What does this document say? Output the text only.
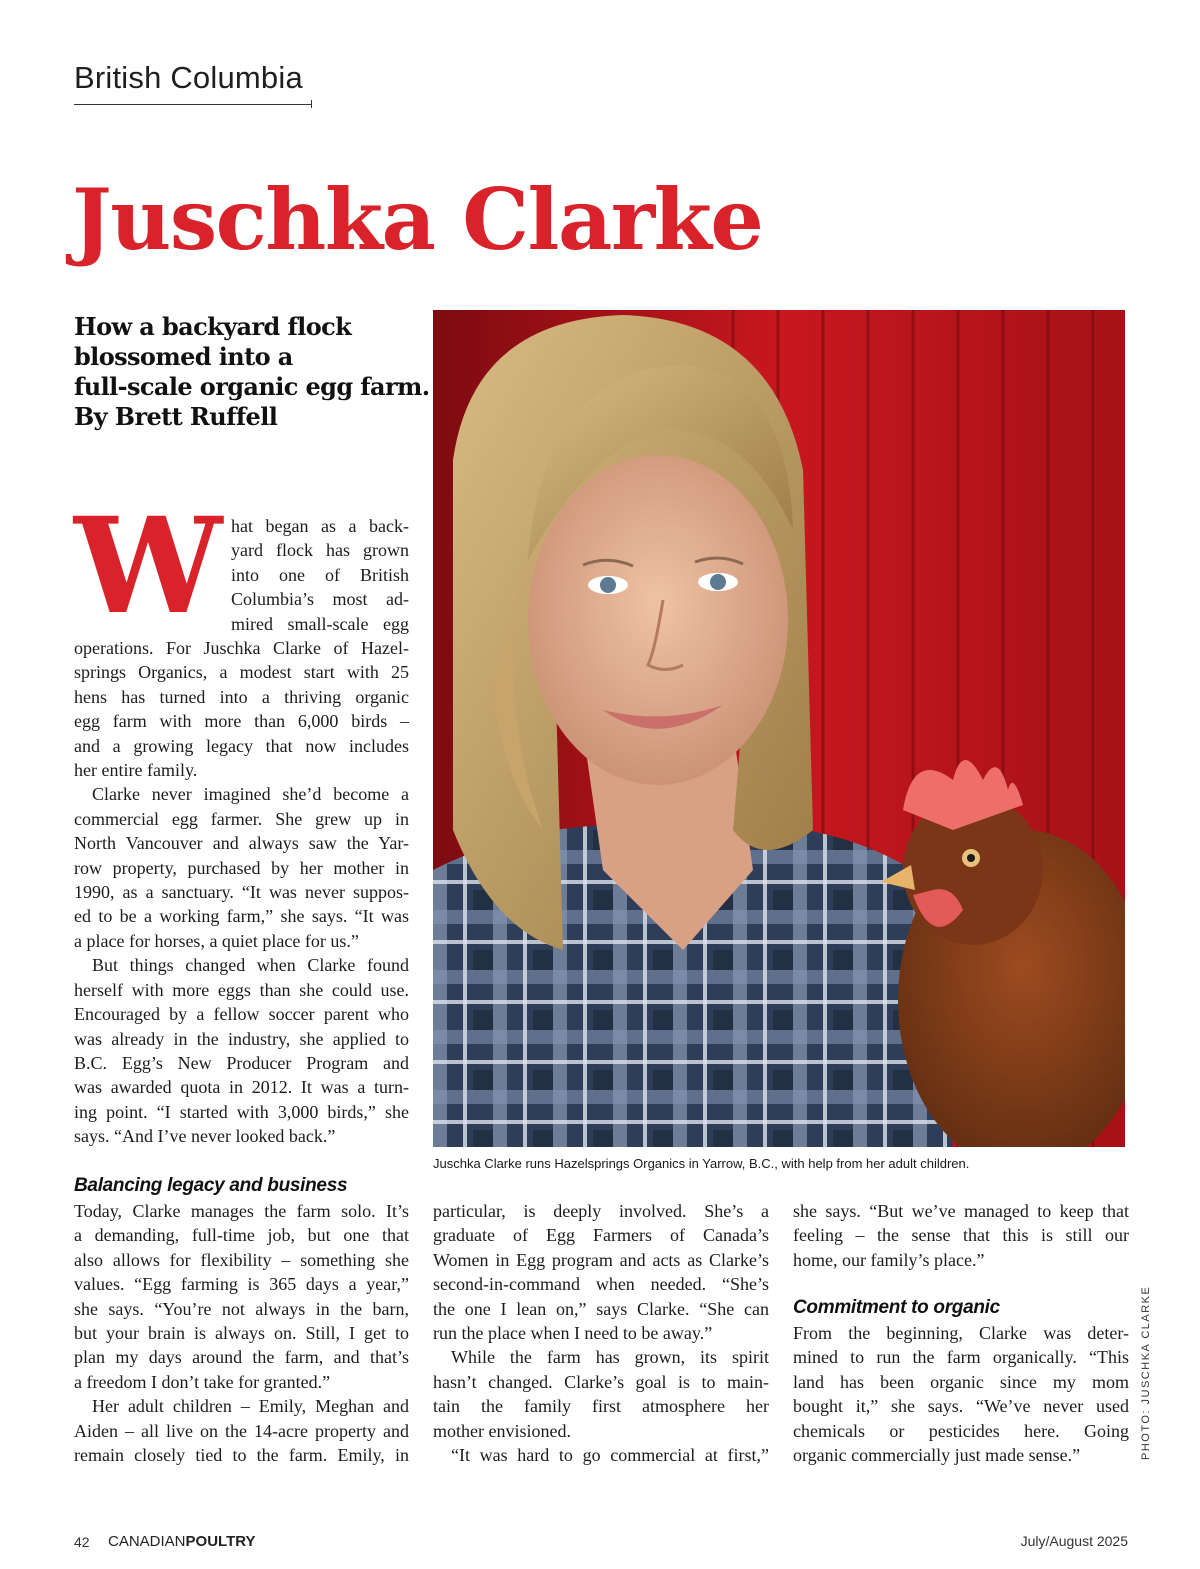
British Columbia
Juschka Clarke
How a backyard flock
blossomed into a
full-scale organic egg farm.
By Brett Ruffell
W hat began as a back-
yard flock has grown
into one of British
Columbia’s most ad-
mired small-scale egg
operations. For Juschka Clarke of Hazel-
springs Organics, a modest start with 25
hens has turned into a thriving organic
egg farm with more than 6,000 birds –
and a growing legacy that now includes
her entire family.
Clarke never imagined she’d become a
commercial egg farmer. She grew up in
North Vancouver and always saw the Yar-
row property, purchased by her mother in
1990, as a sanctuary. “It was never suppos-
ed to be a working farm,” she says. “It was
a place for horses, a quiet place for us.”
But things changed when Clarke found
herself with more eggs than she could use.
Encouraged by a fellow soccer parent who
was already in the industry, she applied to
B.C. Egg’s New Producer Program and
was awarded quota in 2012. It was a turn-
ing point. “I started with 3,000 birds,” she
says. “And I’ve never looked back.”
Balancing legacy and business
Today, Clarke manages the farm solo. It’s
a demanding, full-time job, but one that
also allows for flexibility – something she
values. “Egg farming is 365 days a year,”
she says. “You’re not always in the barn,
but your brain is always on. Still, I get to
plan my days around the farm, and that’s
a freedom I don’t take for granted.”
Her adult children – Emily, Meghan and
Aiden – all live on the 14-acre property and
remain closely tied to the farm. Emily, in
Juschka Clarke runs Hazelsprings Organics in Yarrow, B.C., with help from her adult children.
PHOTO: JUSCHKA CLARKE
particular, is deeply involved. She’s a
graduate of Egg Farmers of Canada’s
Women in Egg program and acts as Clarke’s
second-in-command when needed. “She’s
the one I lean on,” says Clarke. “She can
run the place when I need to be away.”
While the farm has grown, its spirit
hasn’t changed. Clarke’s goal is to main-
tain the family first atmosphere her
mother envisioned.
“It was hard to go commercial at first,”
she says. “But we’ve managed to keep that
feeling – the sense that this is still our
home, our family’s place.”
Commitment to organic
From the beginning, Clarke was deter-
mined to run the farm organically. “This
land has been organic since my mom
bought it,” she says. “We’ve never used
chemicals or pesticides here. Going
organic commercially just made sense.”
42 CANADIANPOULTRY	July/August 2025
